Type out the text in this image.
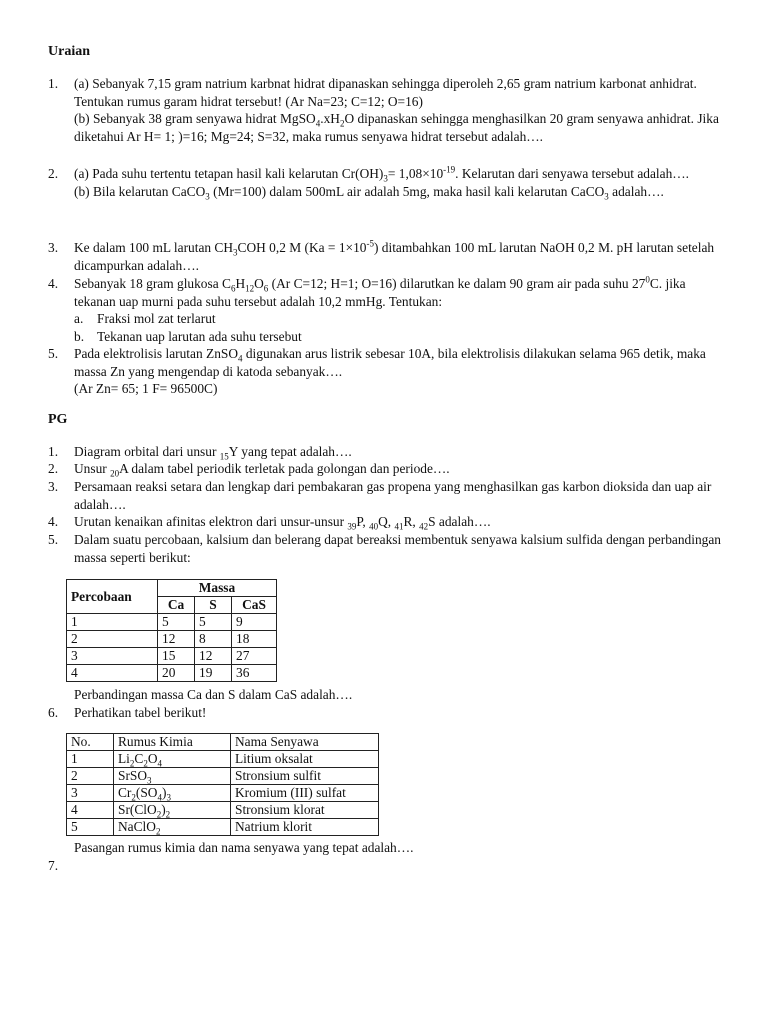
Uraian
1. (a) Sebanyak 7,15 gram natrium karbnat hidrat dipanaskan sehingga diperoleh 2,65 gram natrium karbonat anhidrat. Tentukan rumus garam hidrat tersebut! (Ar Na=23; C=12; O=16)
(b) Sebanyak 38 gram senyawa hidrat $MgSO_4.xH_2O$ dipanaskan sehingga menghasilkan 20 gram senyawa anhidrat. Jika diketahui Ar H= 1; )=16; Mg=24; S=32, maka rumus senyawa hidrat tersebut adalah….
2. (a) Pada suhu tertentu tetapan hasil kali kelarutan $Cr(OH)_3= 1,08\times 10^{-19}$. Kelarutan dari senyawa tersebut adalah….
(b) Bila kelarutan CaCO$_3$ (Mr=100) dalam 500mL air adalah 5mg, maka hasil kali kelarutan CaCO$_3$ adalah….
3. Ke dalam 100 mL larutan $CH_3COH$ 0,2 M $(Ka = 1\times 10^{-5})$ ditambahkan 100 mL larutan NaOH 0,2 M. pH larutan setelah dicampurkan adalah….
4. Sebanyak 18 gram glukosa $C_6H_{12}O_6$ (Ar C=12; H=1; O=16) dilarutkan ke dalam 90 gram air pada suhu $27^0C$. jika tekanan uap murni pada suhu tersebut adalah 10,2 mmHg. Tentukan:
a. Fraksi mol zat terlarut
b. Tekanan uap larutan ada suhu tersebut
5. Pada elektrolisis larutan ZnSO$_4$ digunakan arus listrik sebesar 10A, bila elektrolisis dilakukan selama 965 detik, maka massa Zn yang mengendap di katoda sebanyak….
(Ar Zn= 65; 1 F= 96500C)
PG
1. Diagram orbital dari unsur $_{15}$Y yang tepat adalah….
2. Unsur $_{20}$A dalam tabel periodik terletak pada golongan dan periode….
3. Persamaan reaksi setara dan lengkap dari pembakaran gas propena yang menghasilkan gas karbon dioksida dan uap air adalah….
4. Urutan kenaikan afinitas elektron dari unsur-unsur $_{39}$P, $_{40}$Q, $_{41}$R, $_{42}$S adalah….
5. Dalam suatu percobaan, kalsium dan belerang dapat bereaksi membentuk senyawa kalsium sulfida dengan perbandingan massa seperti berikut:
Percobaan	Massa		
	Ca	S	CaS
1	5	5	9
2	12	8	18
3	15	12	27
4	20	19	36
Perbandingan massa Ca dan S dalam CaS adalah….
6. Perhatikan tabel berikut!
No.	Rumus Kimia	Nama Senyawa
1	$Li_2C_2O_4$	Litium oksalat
2	SrSO$_3$	Stronsium sulfit
3	$Cr_2(SO_4)_3$	Kromium (III) sulfat
4	$Sr(ClO_2)_2$	Stronsium klorat
5	NaClO$_2$	Natrium klorit
Pasangan rumus kimia dan nama senyawa yang tepat adalah….
7.
